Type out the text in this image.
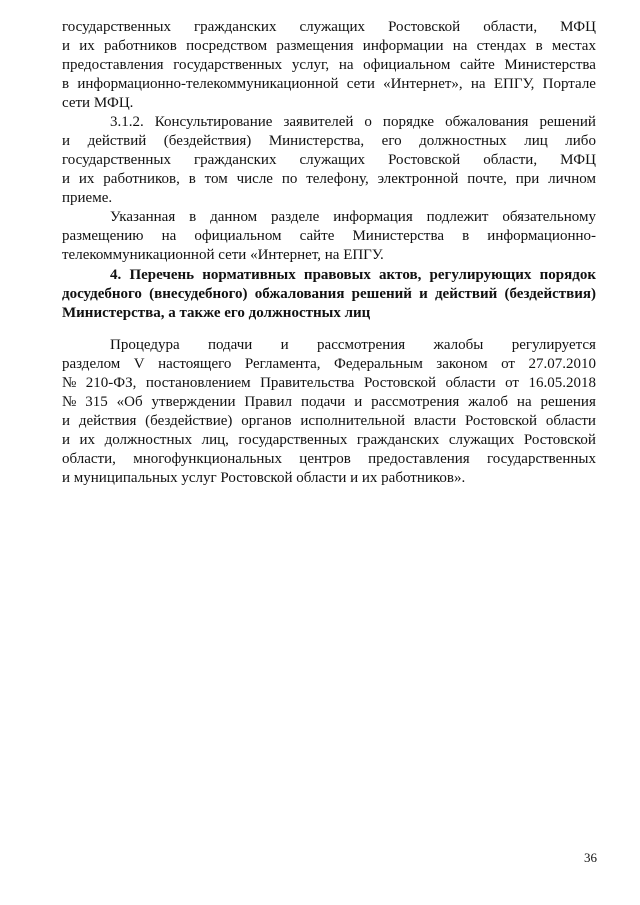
государственных гражданских служащих Ростовской области, МФЦ
и их работников посредством размещения информации на стендах в местах
предоставления государственных услуг, на официальном сайте Министерства
в информационно-телекоммуникационной сети «Интернет», на ЕПГУ, Портале
сети МФЦ.
3.1.2. Консультирование заявителей о порядке обжалования решений
и действий (бездействия) Министерства, его должностных лиц либо
государственных гражданских служащих Ростовской области, МФЦ
и их работников, в том числе по телефону, электронной почте, при личном
приеме.
Указанная в данном разделе информация подлежит обязательному
размещению на официальном сайте Министерства в информационно-
телекоммуникационной сети «Интернет, на ЕПГУ.
4. Перечень нормативных правовых актов, регулирующих порядок
досудебного (внесудебного) обжалования решений и действий (бездействия)
Министерства, а также его должностных лиц
Процедура подачи и рассмотрения жалобы регулируется
разделом V настоящего Регламента, Федеральным законом от 27.07.2010
№ 210-ФЗ, постановлением Правительства Ростовской области от 16.05.2018
№ 315 «Об утверждении Правил подачи и рассмотрения жалоб на решения
и действия (бездействие) органов исполнительной власти Ростовской области
и их должностных лиц, государственных гражданских служащих Ростовской
области, многофункциональных центров предоставления государственных
и муниципальных услуг Ростовской области и их работников».
36
